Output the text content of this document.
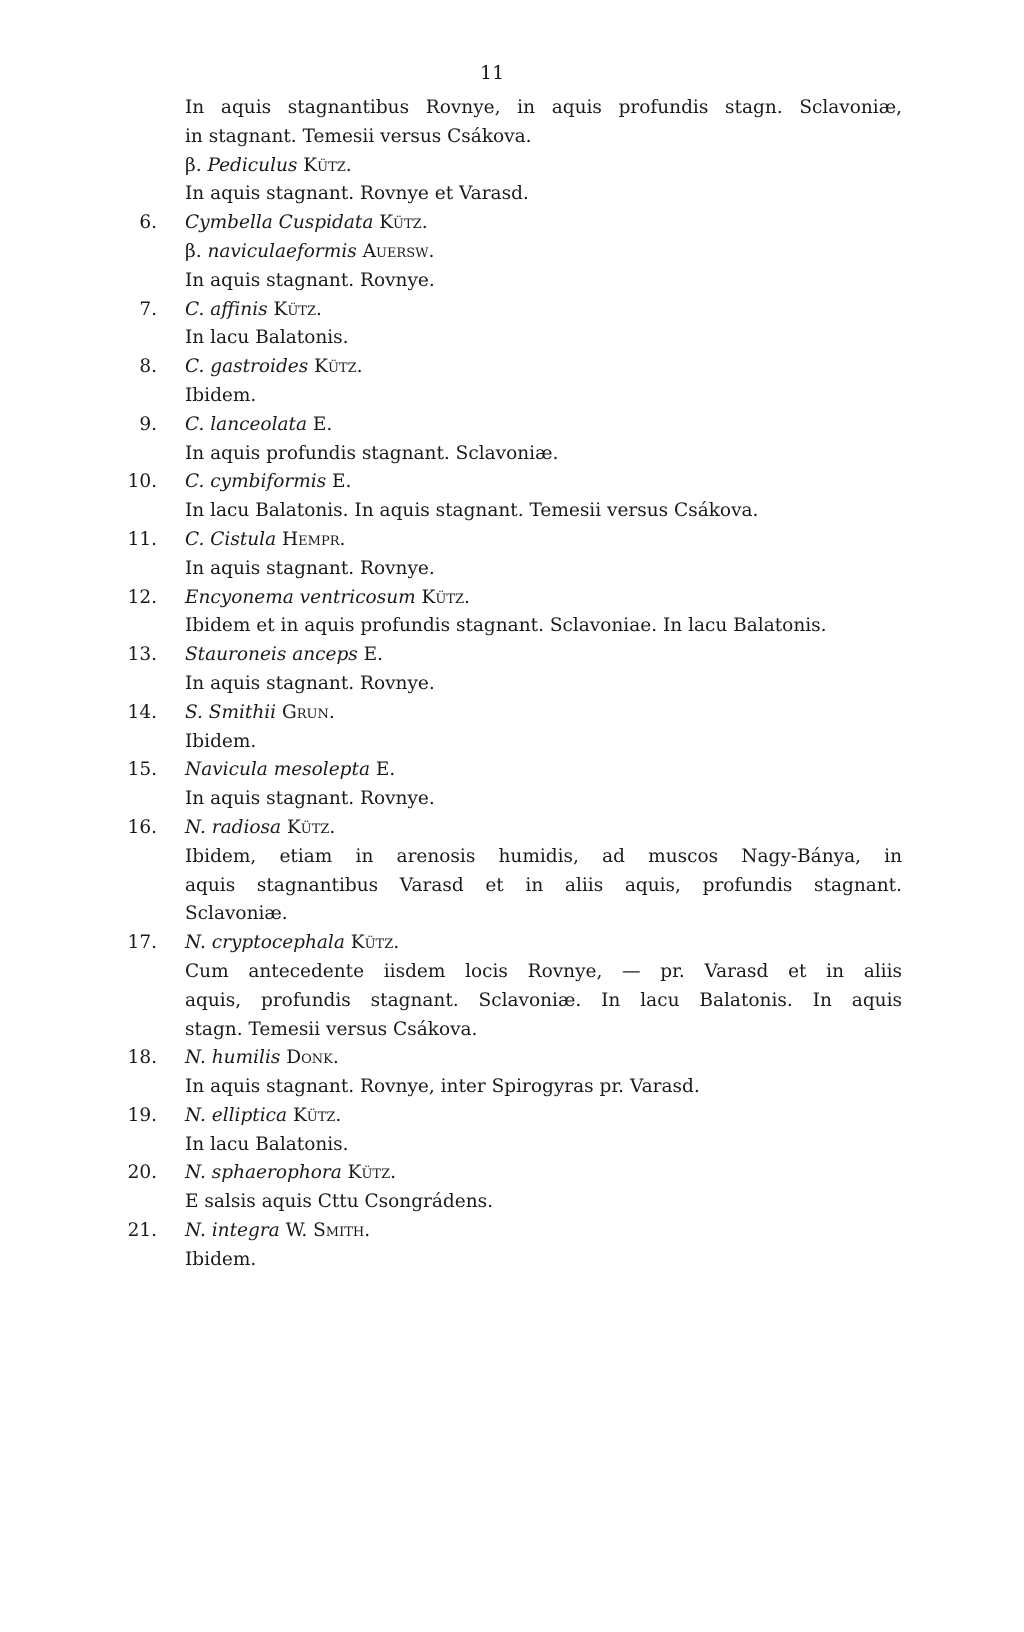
11
In aquis stagnantibus Rovnye, in aquis profundis stagn. Sclavoniæ,
in stagnant. Temesii versus Csákova.
β. Pediculus Kütz.
In aquis stagnant. Rovnye et Varasd.
6. Cymbella Cuspidata Kütz.
β. naviculaeformis Auersw.
In aquis stagnant. Rovnye.
7. C. affinis Kütz.
In lacu Balatonis.
8. C. gastroides Kütz.
Ibidem.
9. C. lanceolata E.
In aquis profundis stagnant. Sclavoniæ.
10. C. cymbiformis E.
In lacu Balatonis. In aquis stagnant. Temesii versus Csákova.
11. C. Cistula Hempr.
In aquis stagnant. Rovnye.
12. Encyonema ventricosum Kütz.
Ibidem et in aquis profundis stagnant. Sclavoniae. In lacu Balatonis.
13. Stauroneis anceps E.
In aquis stagnant. Rovnye.
14. S. Smithii Grun.
Ibidem.
15. Navicula mesolepta E.
In aquis stagnant. Rovnye.
16. N. radiosa Kütz.
Ibidem, etiam in arenosis humidis, ad muscos Nagy-Bánya, in
aquis stagnantibus Varasd et in aliis aquis, profundis stagnant.
Sclavoniæ.
17. N. cryptocephala Kütz.
Cum antecedente iisdem locis Rovnye, — pr. Varasd et in aliis
aquis, profundis stagnant. Sclavoniæ. In lacu Balatonis. In aquis
stagn. Temesii versus Csákova.
18. N. humilis Donk.
In aquis stagnant. Rovnye, inter Spirogyras pr. Varasd.
19. N. elliptica Kütz.
In lacu Balatonis.
20. N. sphaerophora Kütz.
E salsis aquis Cttu Csongrádens.
21. N. integra W. Smith.
Ibidem.
